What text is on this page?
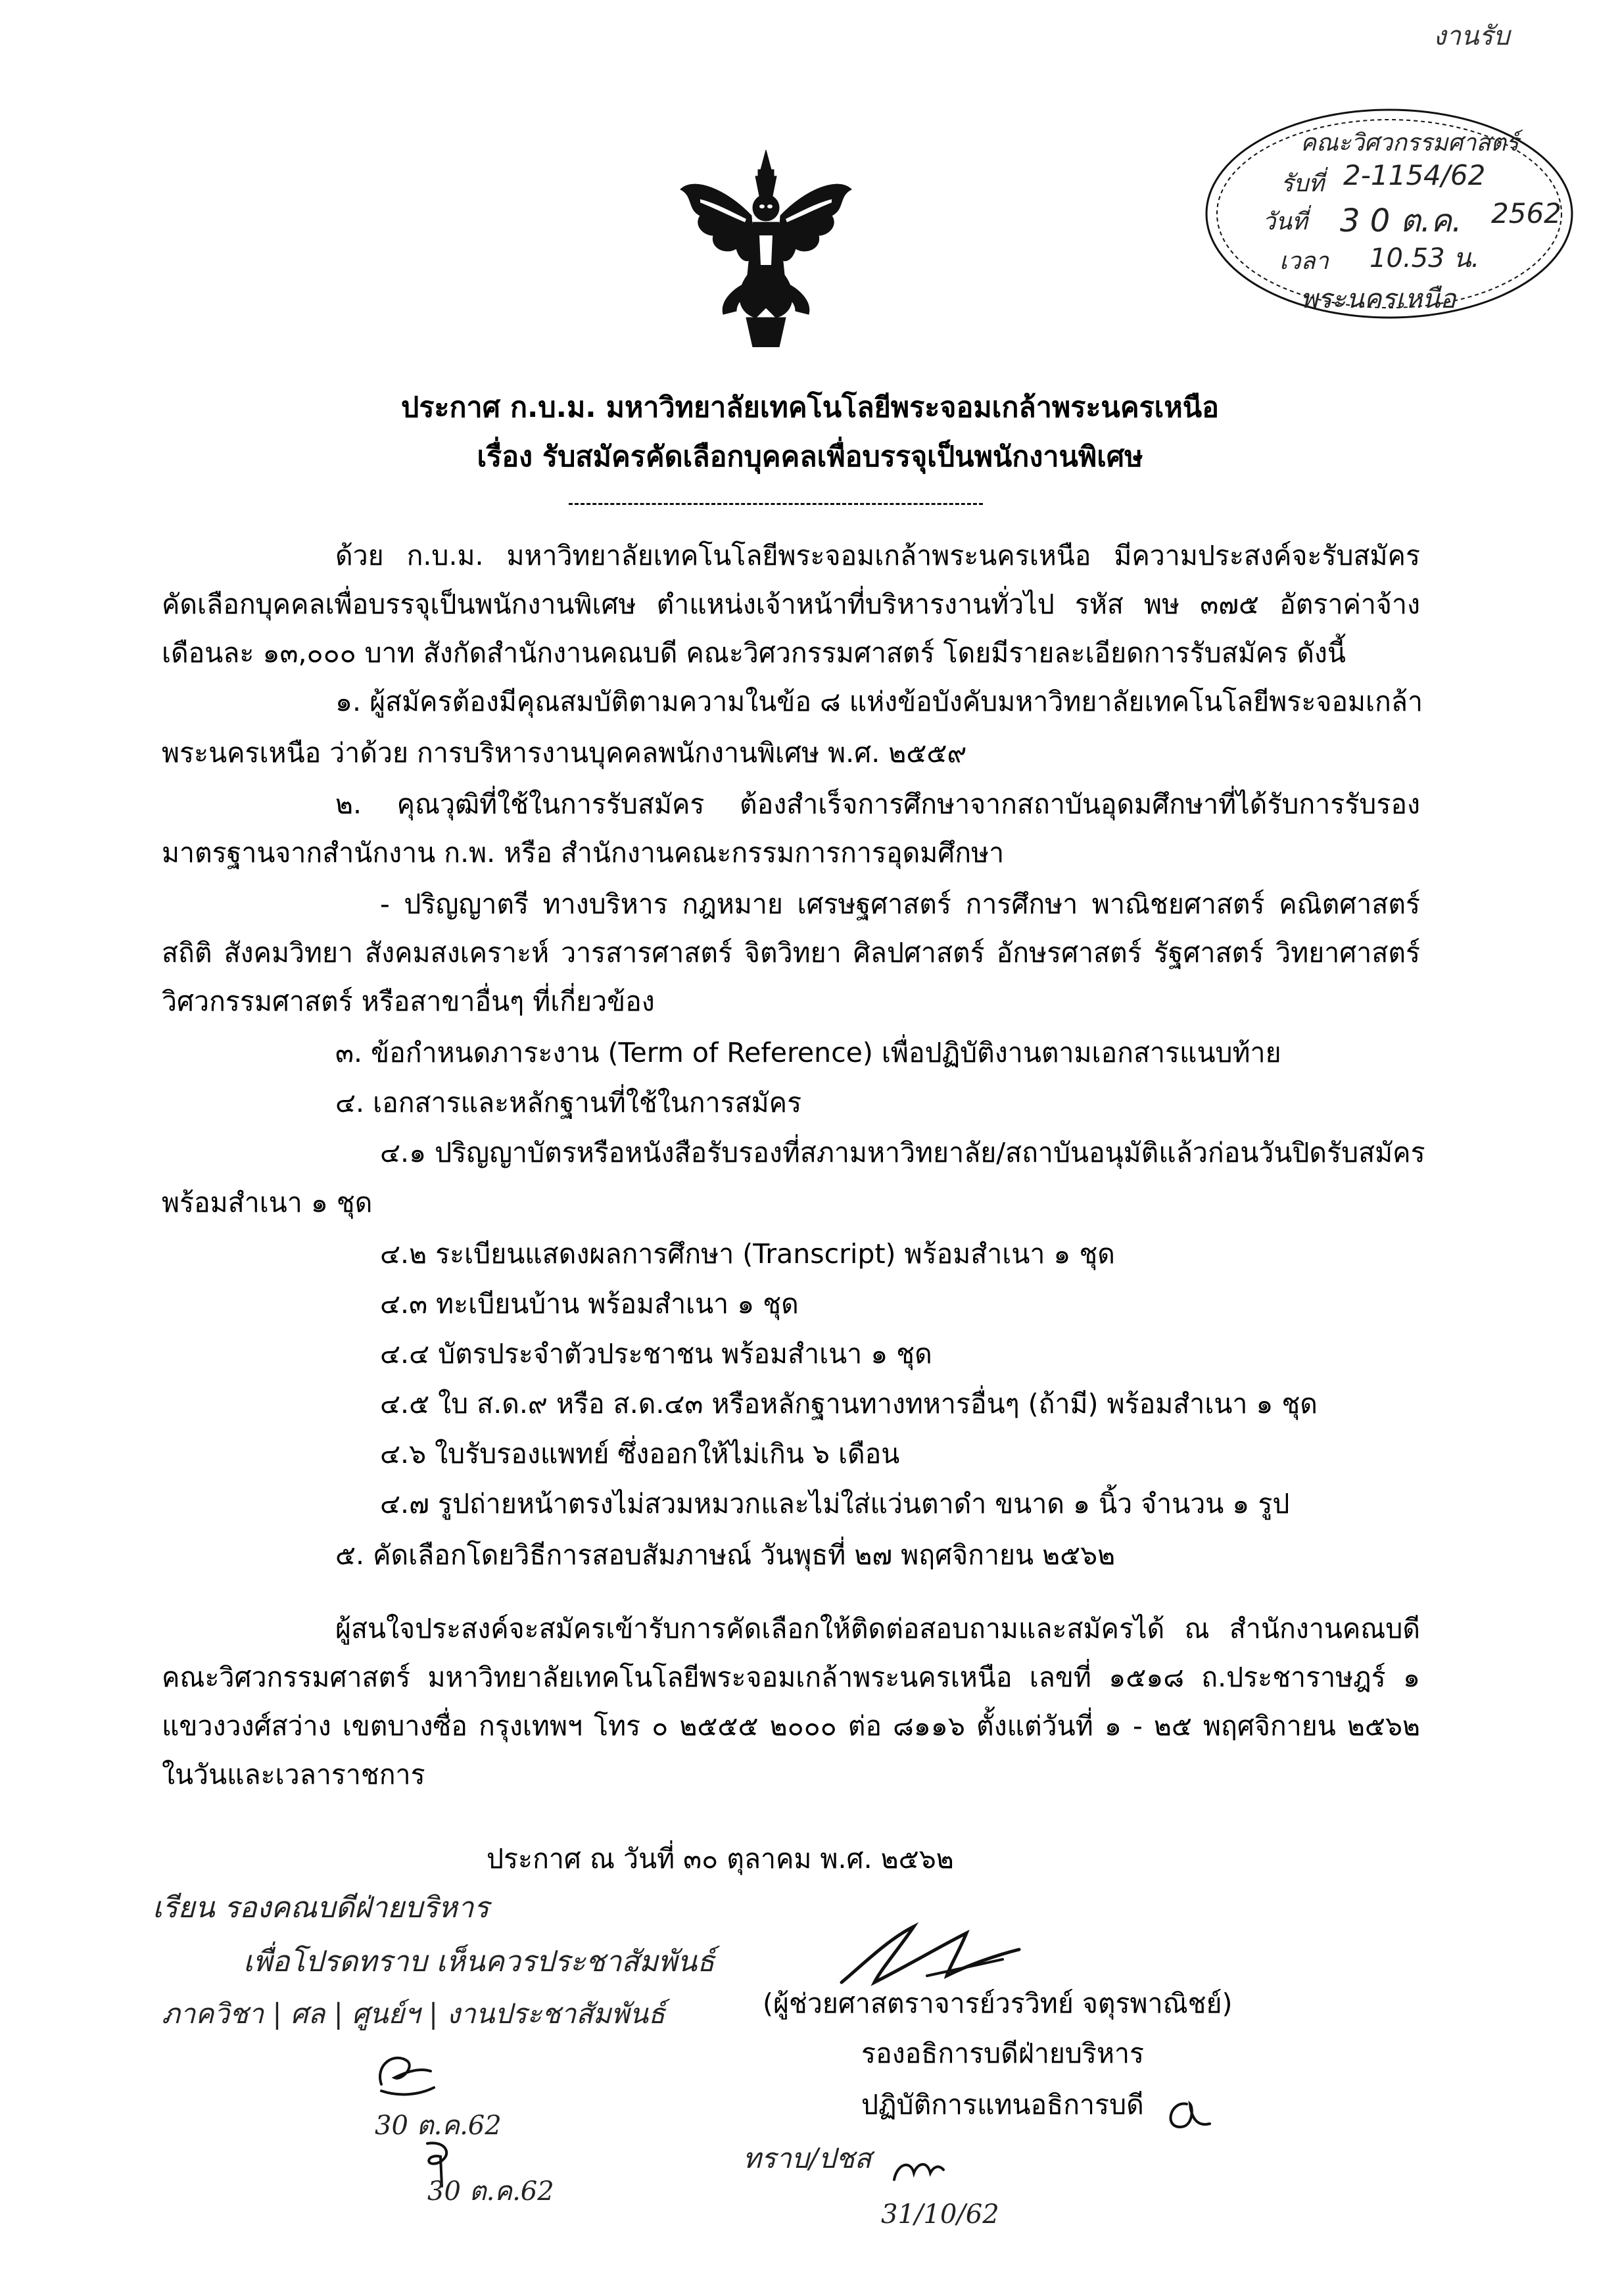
งานรับ
คณะวิศวกรรมศาสตร์
รับที่ 2-1154/62
วันที่ 3 0 ต.ค. 2562
เวลา 10.53 น.
พระนครเหนือ
ประกาศ ก.บ.ม. มหาวิทยาลัยเทคโนโลยีพระจอมเกล้าพระนครเหนือ
เรื่อง รับสมัครคัดเลือกบุคคลเพื่อบรรจุเป็นพนักงานพิเศษ
ด้วย ก.บ.ม. มหาวิทยาลัยเทคโนโลยีพระจอมเกล้าพระนครเหนือ มีความประสงค์จะรับสมัคร
คัดเลือกบุคคลเพื่อบรรจุเป็นพนักงานพิเศษ ตำแหน่งเจ้าหน้าที่บริหารงานทั่วไป รหัส พษ ๓๗๕ อัตราค่าจ้าง
เดือนละ ๑๓,๐๐๐ บาท สังกัดสำนักงานคณบดี คณะวิศวกรรมศาสตร์ โดยมีรายละเอียดการรับสมัคร ดังนี้
๑. ผู้สมัครต้องมีคุณสมบัติตามความในข้อ ๘ แห่งข้อบังคับมหาวิทยาลัยเทคโนโลยีพระจอมเกล้า
พระนครเหนือ ว่าด้วย การบริหารงานบุคคลพนักงานพิเศษ พ.ศ. ๒๕๕๙
๒. คุณวุฒิที่ใช้ในการรับสมัคร ต้องสำเร็จการศึกษาจากสถาบันอุดมศึกษาที่ได้รับการรับรอง
มาตรฐานจากสำนักงาน ก.พ. หรือ สำนักงานคณะกรรมการการอุดมศึกษา
- ปริญญาตรี ทางบริหาร กฎหมาย เศรษฐศาสตร์ การศึกษา พาณิชยศาสตร์ คณิตศาสตร์
สถิติ สังคมวิทยา สังคมสงเคราะห์ วารสารศาสตร์ จิตวิทยา ศิลปศาสตร์ อักษรศาสตร์ รัฐศาสตร์ วิทยาศาสตร์
วิศวกรรมศาสตร์ หรือสาขาอื่นๆ ที่เกี่ยวข้อง
๓. ข้อกำหนดภาระงาน (Term of Reference) เพื่อปฏิบัติงานตามเอกสารแนบท้าย
๔. เอกสารและหลักฐานที่ใช้ในการสมัคร
๔.๑ ปริญญาบัตรหรือหนังสือรับรองที่สภามหาวิทยาลัย/สถาบันอนุมัติแล้วก่อนวันปิดรับสมัคร
พร้อมสำเนา ๑ ชุด
๔.๒ ระเบียนแสดงผลการศึกษา (Transcript) พร้อมสำเนา ๑ ชุด
๔.๓ ทะเบียนบ้าน พร้อมสำเนา ๑ ชุด
๔.๔ บัตรประจำตัวประชาชน พร้อมสำเนา ๑ ชุด
๔.๕ ใบ ส.ด.๙ หรือ ส.ด.๔๓ หรือหลักฐานทางทหารอื่นๆ (ถ้ามี) พร้อมสำเนา ๑ ชุด
๔.๖ ใบรับรองแพทย์ ซึ่งออกให้ไม่เกิน ๖ เดือน
๔.๗ รูปถ่ายหน้าตรงไม่สวมหมวกและไม่ใส่แว่นตาดำ ขนาด ๑ นิ้ว จำนวน ๑ รูป
๕. คัดเลือกโดยวิธีการสอบสัมภาษณ์ วันพุธที่ ๒๗ พฤศจิกายน ๒๕๖๒
ผู้สนใจประสงค์จะสมัครเข้ารับการคัดเลือกให้ติดต่อสอบถามและสมัครได้ ณ สำนักงานคณบดี
คณะวิศวกรรมศาสตร์ มหาวิทยาลัยเทคโนโลยีพระจอมเกล้าพระนครเหนือ เลขที่ ๑๕๑๘ ถ.ประชาราษฎร์ ๑
แขวงวงศ์สว่าง เขตบางซื่อ กรุงเทพฯ โทร ๐ ๒๕๕๕ ๒๐๐๐ ต่อ ๘๑๑๖ ตั้งแต่วันที่ ๑ - ๒๕ พฤศจิกายน ๒๕๖๒
ในวันและเวลาราชการ
ประกาศ ณ วันที่ ๓๐ ตุลาคม พ.ศ. ๒๕๖๒
เรียน รองคณบดีฝ่ายบริหาร
เพื่อโปรดทราบ เห็นควรประชาสัมพันธ์
ภาควิชา | ศล | ศูนย์ฯ | งานประชาสัมพันธ์	(ผู้ช่วยศาสตราจารย์วรวิทย์ จตุรพาณิชย์)
รองอธิการบดีฝ่ายบริหาร
ปฏิบัติการแทนอธิการบดี
30 ต.ค.62
30 ต.ค.62
ทราบ/ปชส
31/10/62
